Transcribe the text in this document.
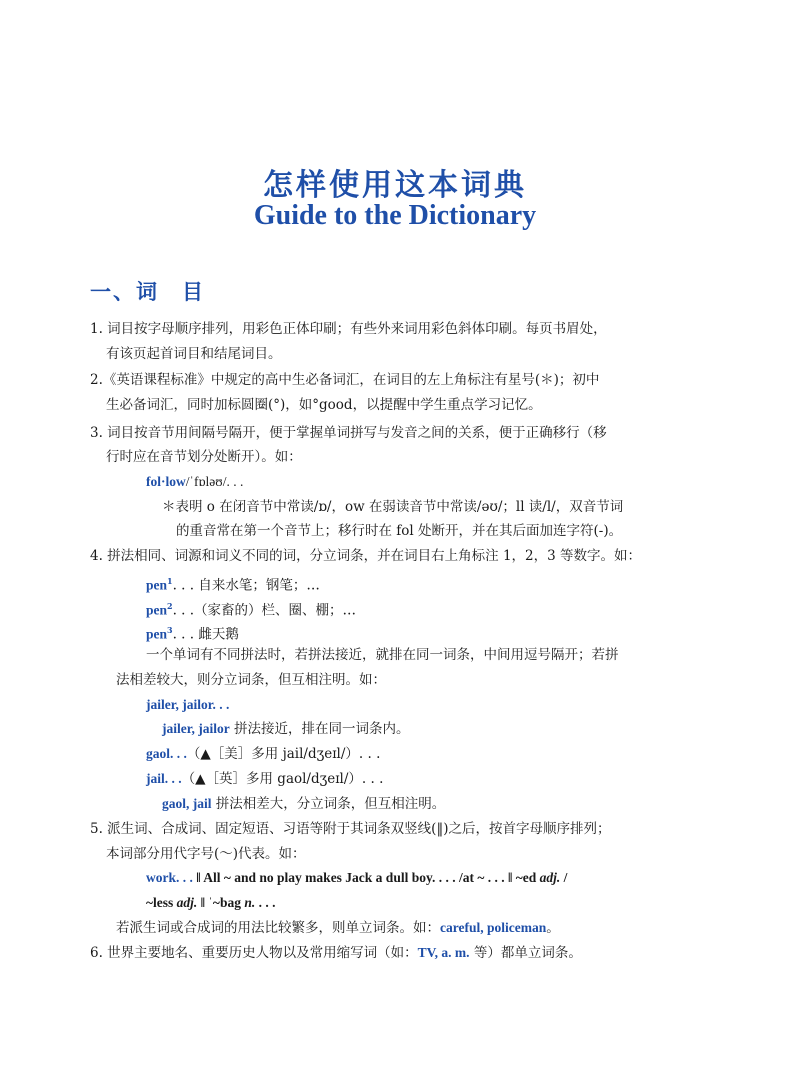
怎样使用这本词典
Guide to the Dictionary
一、词　目
1. 词目按字母顺序排列，用彩色正体印刷；有些外来词用彩色斜体印刷。每页书眉处，
有该页起首词目和结尾词目。
2.《英语课程标准》中规定的高中生必备词汇，在词目的左上角标注有星号(＊)；初中
生必备词汇，同时加标圆圈(°)，如°good，以提醒中学生重点学习记忆。
3. 词目按音节用间隔号隔开，便于掌握单词拼写与发音之间的关系，便于正确移行（移
行时应在音节划分处断开）。如：
fol·low/ˈfɒləʊ/. . .
＊表明 o 在闭音节中常读/ɒ/，ow 在弱读音节中常读/əʊ/；ll 读/l/，双音节词
的重音常在第一个音节上；移行时在 fol 处断开，并在其后面加连字符(-)。
4. 拼法相同、词源和词义不同的词，分立词条，并在词目右上角标注 1，2，3 等数字。如：
pen$^1$. . . 自来水笔；钢笔；…
pen$^2$. . .（家畜的）栏、圈、棚；…
pen$^3$. . . 雌天鹅
一个单词有不同拼法时，若拼法接近，就排在同一词条，中间用逗号隔开；若拼
法相差较大，则分立词条，但互相注明。如：
jailer, jailor. . .
jailer, jailor 拼法接近，排在同一词条内。
gaol. . .（▲［美］多用 jail/dʒeɪl/）. . .
jail. . .（▲［英］多用 gaol/dʒeɪl/）. . .
gaol, jail 拼法相差大，分立词条，但互相注明。
5. 派生词、合成词、固定短语、习语等附于其词条双竖线(‖)之后，按首字母顺序排列；
本词部分用代字号(～)代表。如：
work. . . ‖ All ~ and no play makes Jack a dull boy. . . . /at ~ . . . ‖ ~ed adj. /
~less adj. ‖ ˈ~bag n. . . .
若派生词或合成词的用法比较繁多，则单立词条。如：careful, policeman。
6. 世界主要地名、重要历史人物以及常用缩写词（如：TV, a. m. 等）都单立词条。
